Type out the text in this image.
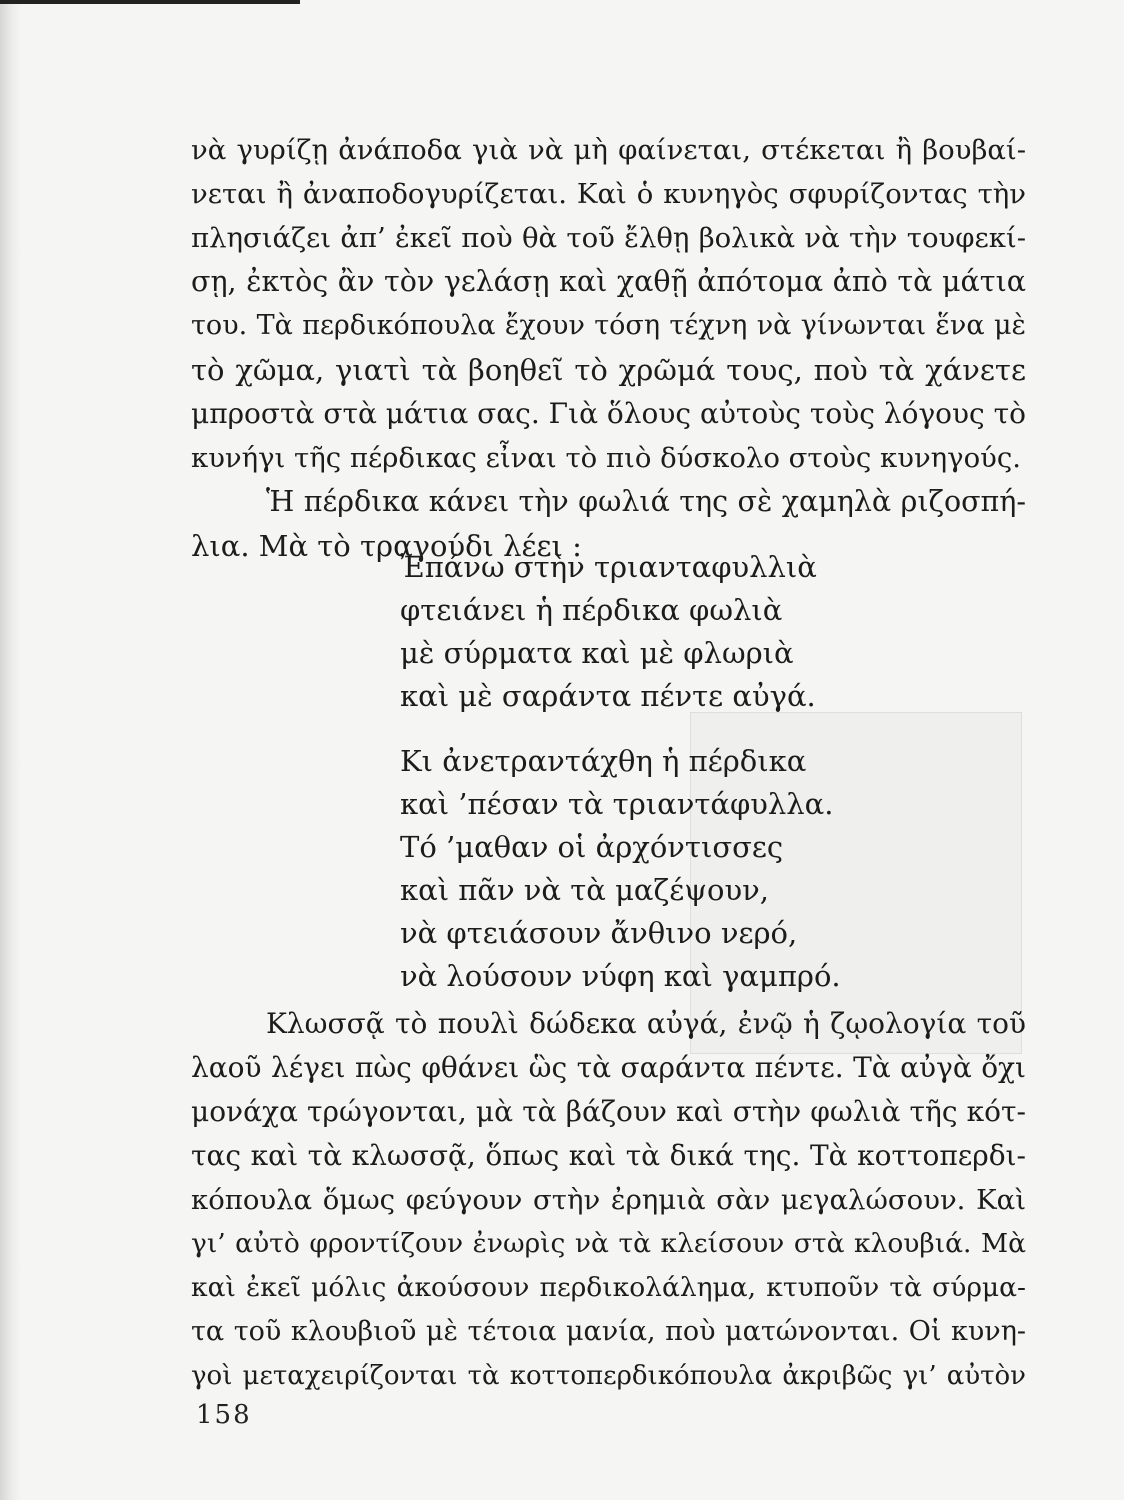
νὰ γυρίζῃ ἀνάποδα γιὰ νὰ μὴ φαίνεται, στέκεται ἢ βουβαί-
νεται ἢ ἀναποδογυρίζεται. Καὶ ὁ κυνηγὸς σφυρίζοντας τὴν
πλησιάζει ἀπ’ ἐκεῖ ποὺ θὰ τοῦ ἔλθῃ βολικὰ νὰ τὴν τουφεκί-
σῃ, ἐκτὸς ἂν τὸν γελάσῃ καὶ χαθῇ ἀπότομα ἀπὸ τὰ μάτια
του. Τὰ περδικόπουλα ἔχουν τόση τέχνη νὰ γίνωνται ἕνα μὲ
τὸ χῶμα, γιατὶ τὰ βοηθεῖ τὸ χρῶμά τους, ποὺ τὰ χάνετε
μπροστὰ στὰ μάτια σας. Γιὰ ὅλους αὐτοὺς τοὺς λόγους τὸ
κυνήγι τῆς πέρδικας εἶναι τὸ πιὸ δύσκολο στοὺς κυνηγούς.
Ἡ πέρδικα κάνει τὴν φωλιά της σὲ χαμηλὰ ριζοσπή-
λια. Μὰ τὸ τραγούδι λέει :
Ἐπάνω στὴν τριανταφυλλιὰ
φτειάνει ἡ πέρδικα φωλιὰ
μὲ σύρματα καὶ μὲ φλωριὰ
καὶ μὲ σαράντα πέντε αὐγά.
Κι ἀνετραντάχθη ἡ πέρδικα
καὶ ’πέσαν τὰ τριαντάφυλλα.
Τό ’μαθαν οἱ ἀρχόντισσες
καὶ πᾶν νὰ τὰ μαζέψουν,
νὰ φτειάσουν ἄνθινο νερό,
νὰ λούσουν νύφη καὶ γαμπρό.
Κλωσσᾷ τὸ πουλὶ δώδεκα αὐγά, ἐνῷ ἡ ζῳολογία τοῦ
λαοῦ λέγει πὼς φθάνει ὣς τὰ σαράντα πέντε. Τὰ αὐγὰ ὄχι
μονάχα τρώγονται, μὰ τὰ βάζουν καὶ στὴν φωλιὰ τῆς κότ-
τας καὶ τὰ κλωσσᾷ, ὅπως καὶ τὰ δικά της. Τὰ κοττοπερδι-
κόπουλα ὅμως φεύγουν στὴν ἐρημιὰ σὰν μεγαλώσουν. Καὶ
γι’ αὐτὸ φροντίζουν ἐνωρὶς νὰ τὰ κλείσουν στὰ κλουβιά. Μὰ
καὶ ἐκεῖ μόλις ἀκούσουν περδικολάλημα, κτυποῦν τὰ σύρμα-
τα τοῦ κλουβιοῦ μὲ τέτοια μανία, ποὺ ματώνονται. Οἱ κυνη-
γοὶ μεταχειρίζονται τὰ κοττοπερδικόπουλα ἀκριβῶς γι’ αὐτὸν
158
